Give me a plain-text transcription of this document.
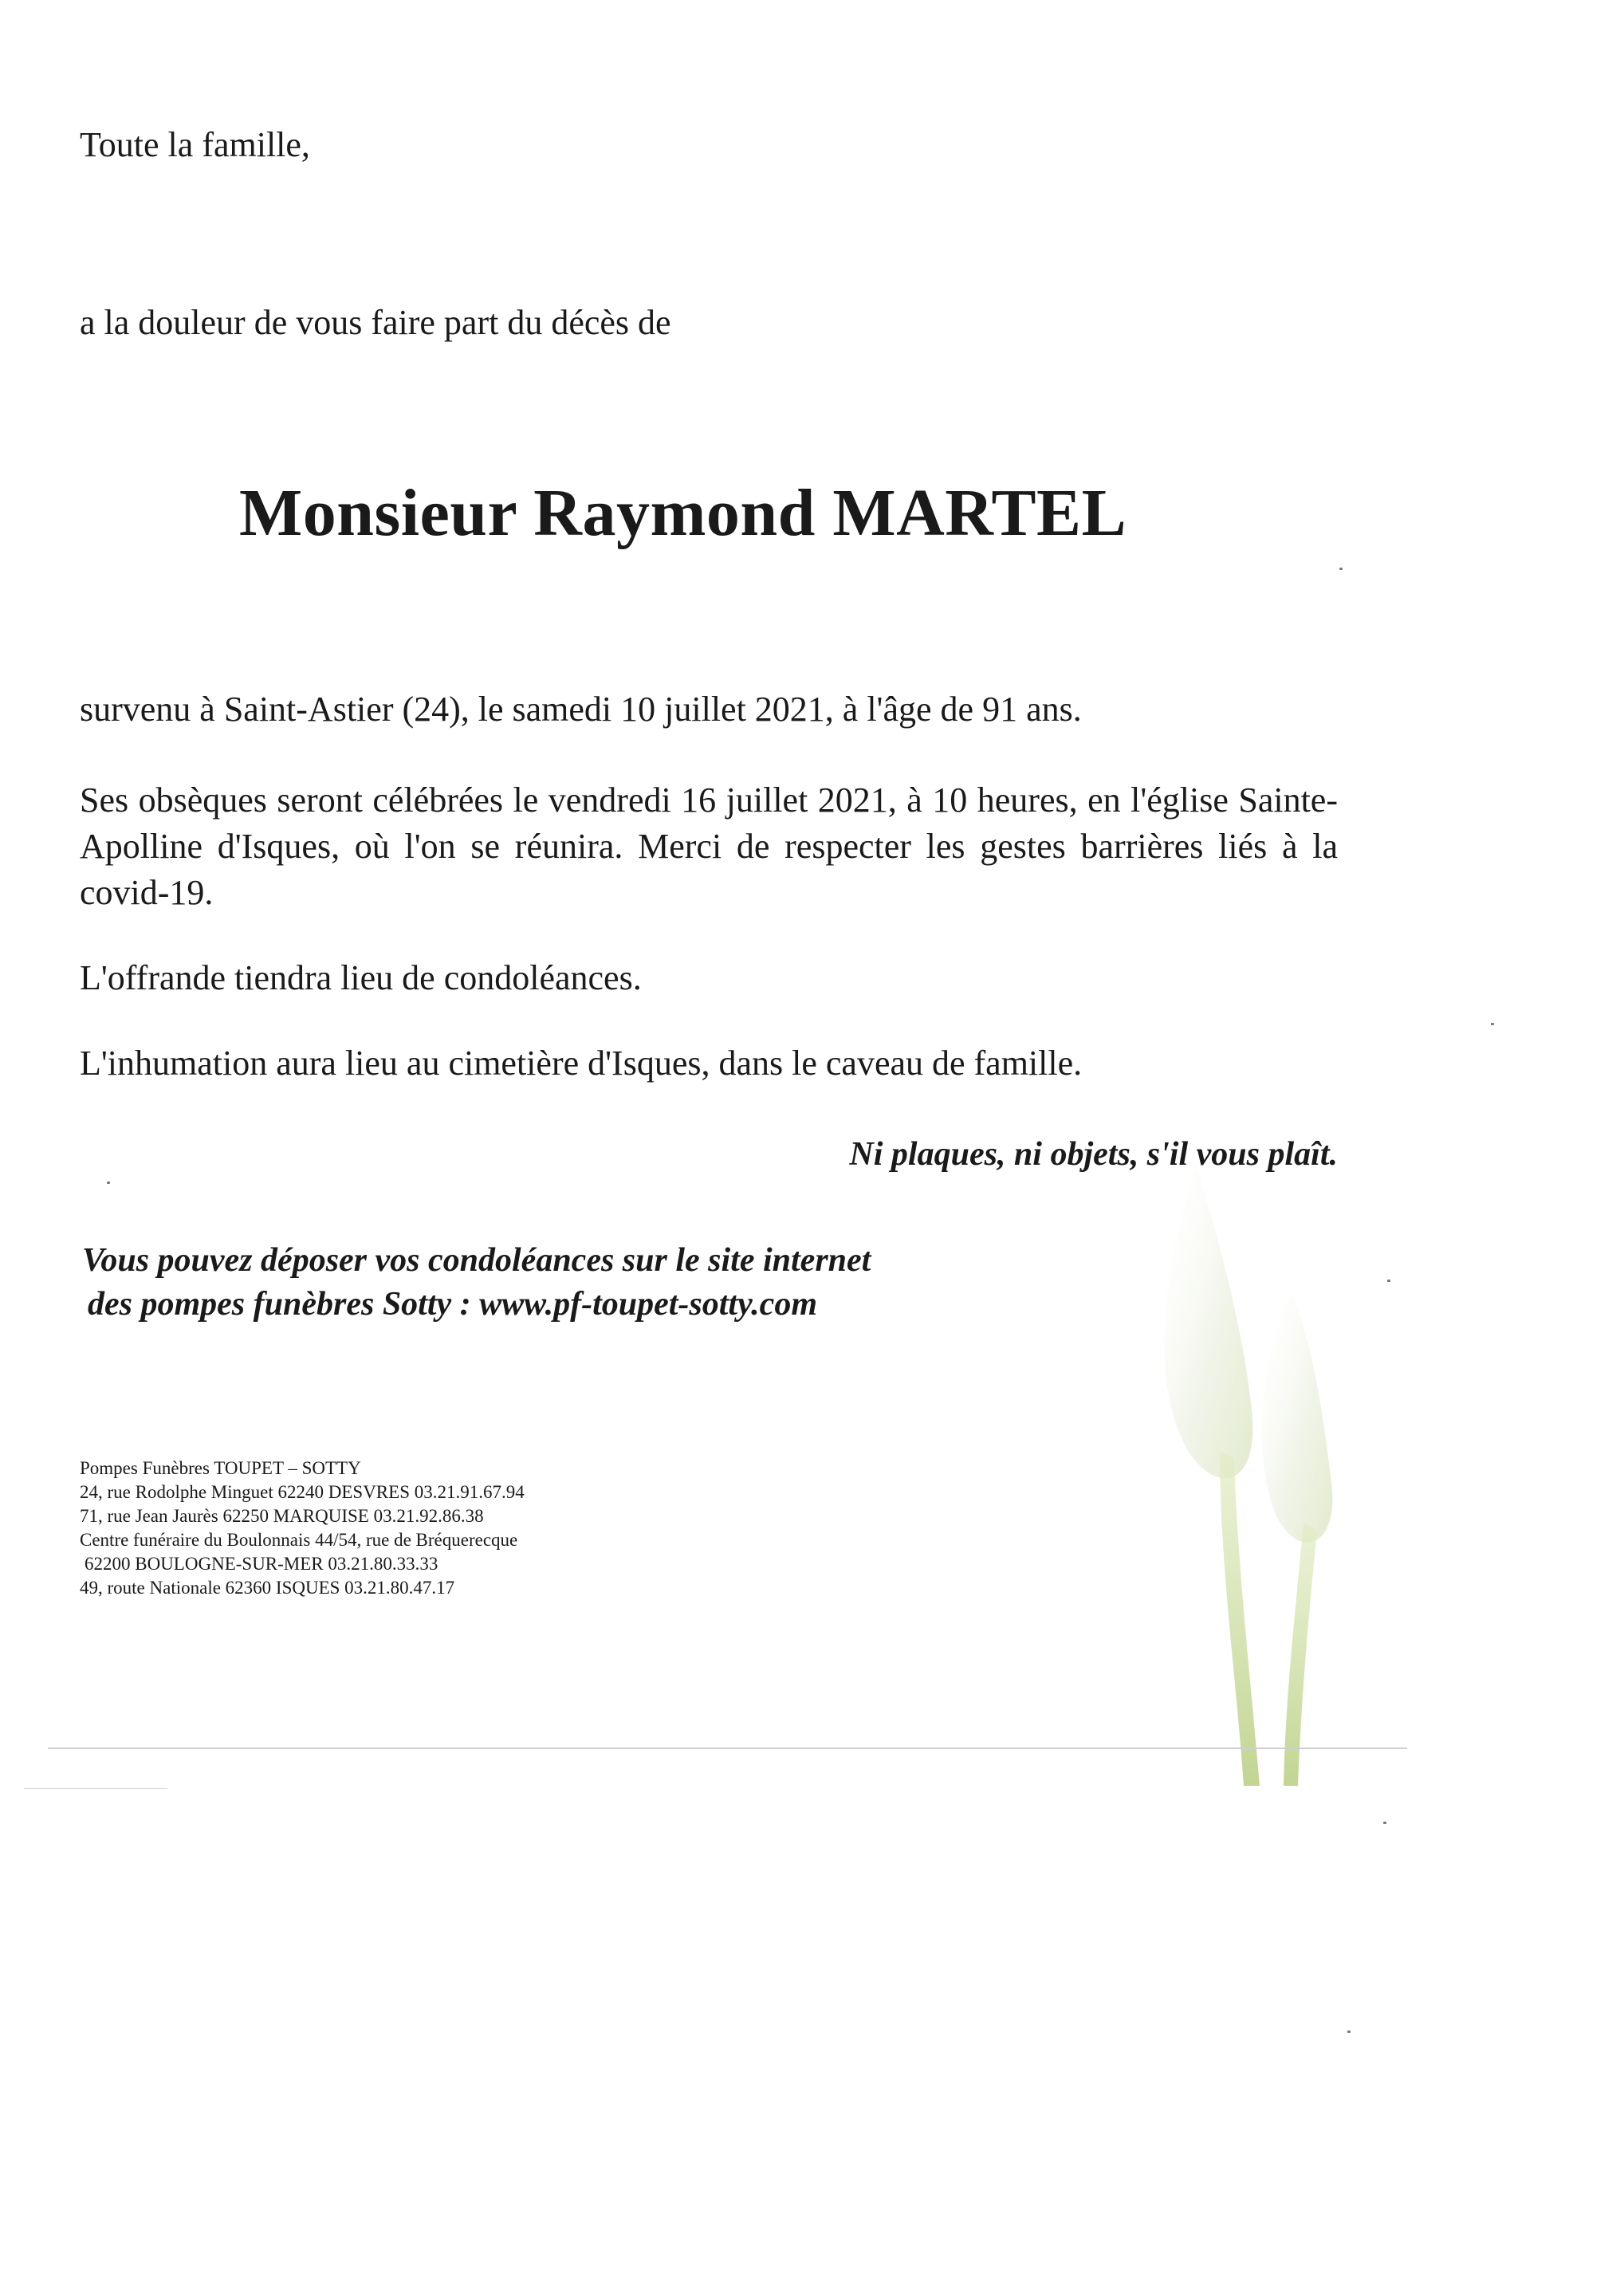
Toute la famille,

a la douleur de vous faire part du décès de

Monsieur Raymond MARTEL

survenu à Saint-Astier (24), le samedi 10 juillet 2021, à l'âge de 91 ans.

Ses obsèques seront célébrées le vendredi 16 juillet 2021, à 10 heures, en l'église Sainte-Apolline d'Isques, où l'on se réunira. Merci de respecter les gestes barrières liés à la covid-19.

L'offrande tiendra lieu de condoléances.

L'inhumation aura lieu au cimetière d'Isques, dans le caveau de famille.

Ni plaques, ni objets, s'il vous plaît.

Vous pouvez déposer vos condoléances sur le site internet

des pompes funèbres Sotty : www.pf-toupet-sotty.com

Pompes Funèbres TOUPET – SOTTY

24, rue Rodolphe Minguet 62240 DESVRES 03.21.91.67.94

71, rue Jean Jaurès 62250 MARQUISE 03.21.92.86.38

Centre funéraire du Boulonnais 44/54, rue de Bréquerecque

62200 BOULOGNE-SUR-MER 03.21.80.33.33

49, route Nationale 62360 ISQUES 03.21.80.47.17
